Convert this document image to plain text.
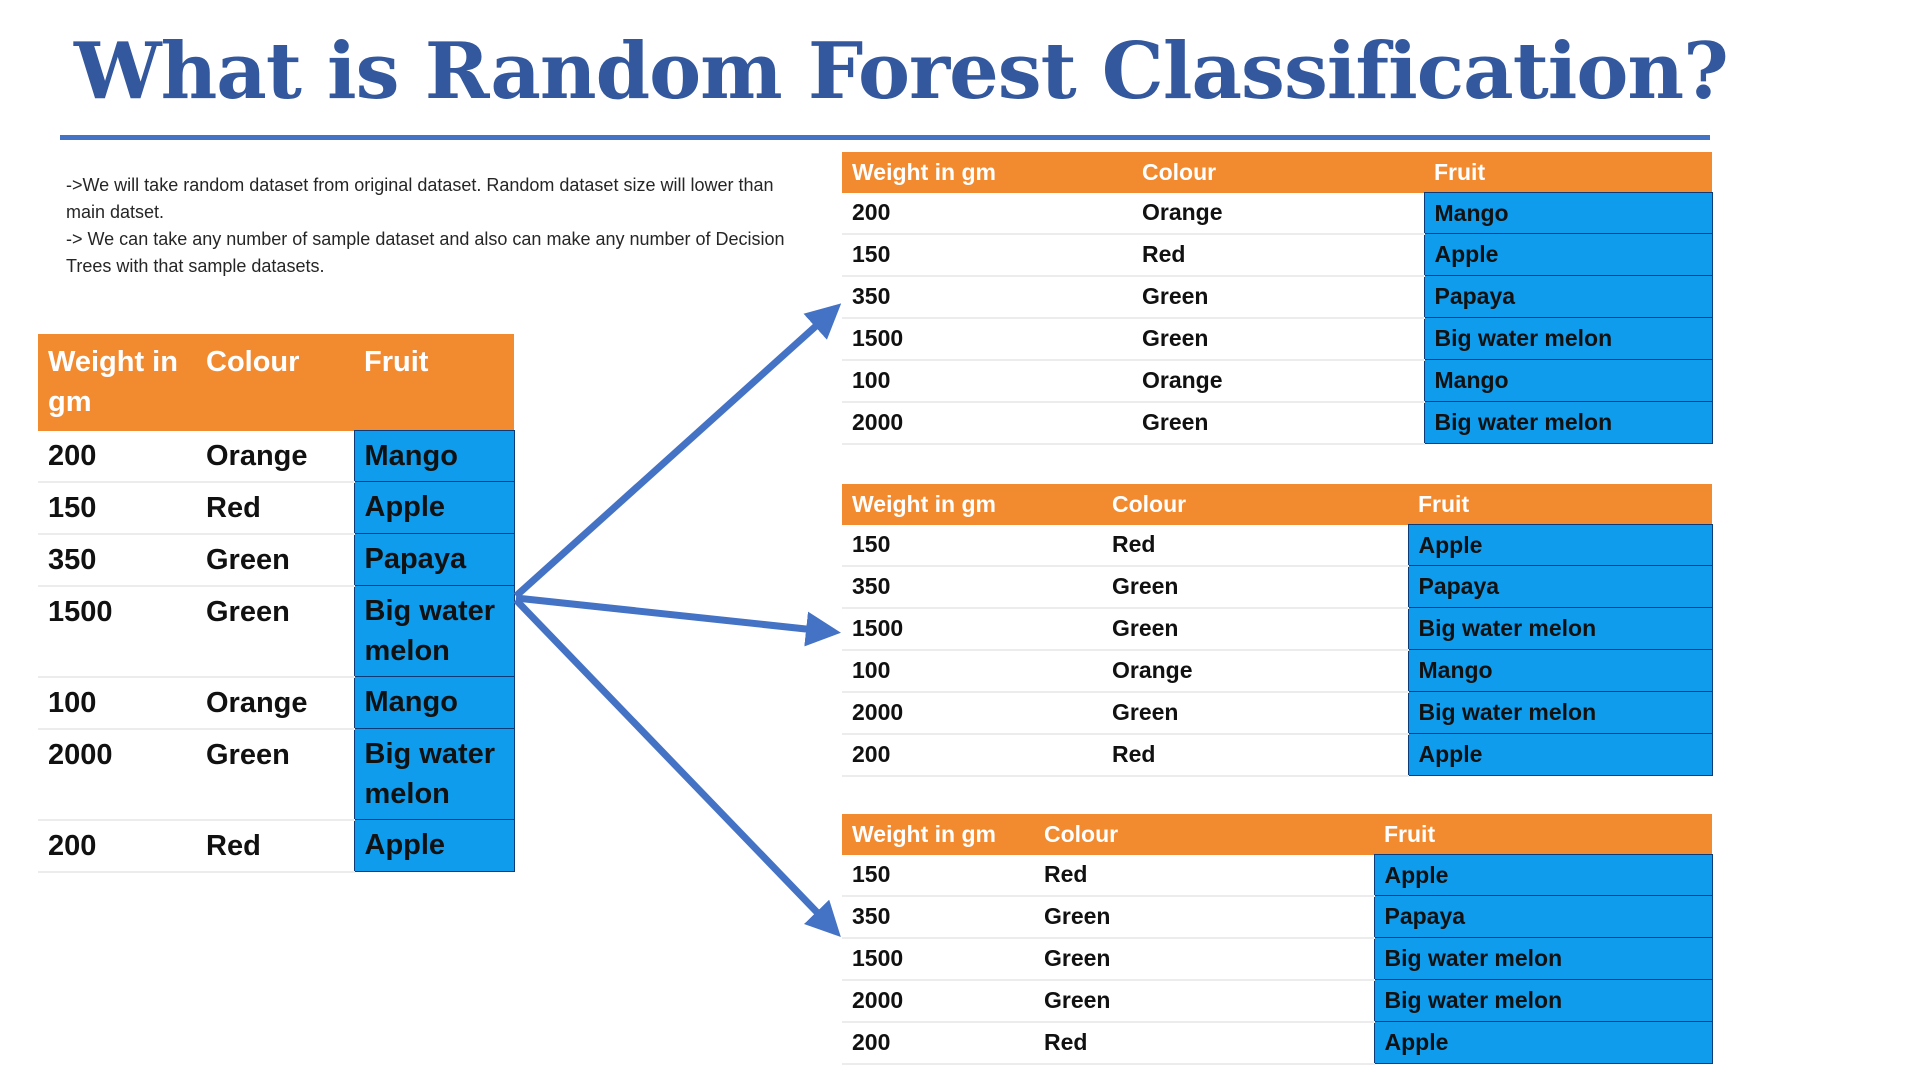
What is Random Forest Classification?

->We will take random dataset from original dataset. Random dataset size will lower than main datset.

-> We can take any number of sample dataset and also can make any number of Decision Trees with that sample datasets.

Weight in gm	Colour	Fruit
200	Orange	Mango
150	Red	Apple
350	Green	Papaya
1500	Green	Big water melon
100	Orange	Mango
2000	Green	Big water melon
200	Red	Apple
Weight in gm	Colour	Fruit
200	Orange	Mango
150	Red	Apple
350	Green	Papaya
1500	Green	Big water melon
100	Orange	Mango
2000	Green	Big water melon
Weight in gm	Colour	Fruit
150	Red	Apple
350	Green	Papaya
1500	Green	Big water melon
100	Orange	Mango
2000	Green	Big water melon
200	Red	Apple
Weight in gm	Colour	Fruit
150	Red	Apple
350	Green	Papaya
1500	Green	Big water melon
2000	Green	Big water melon
200	Red	Apple
